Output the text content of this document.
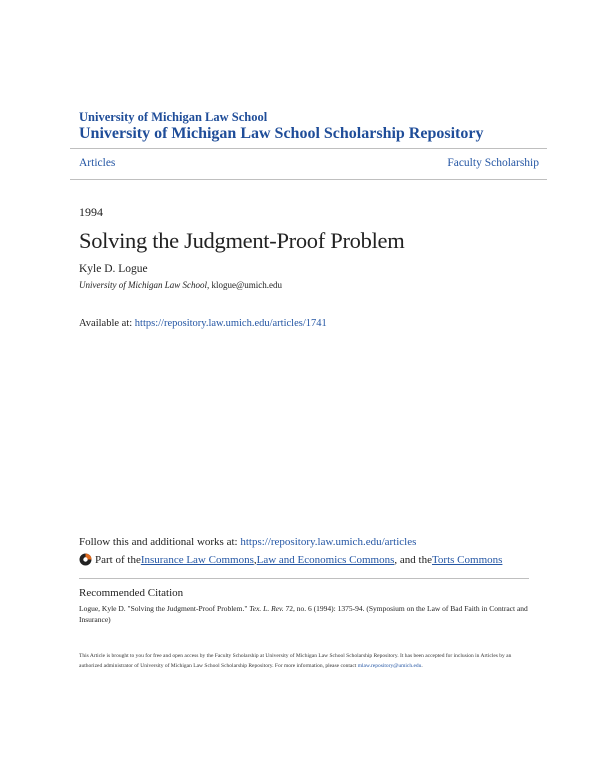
University of Michigan Law School
University of Michigan Law School Scholarship Repository
Articles	Faculty Scholarship
1994
Solving the Judgment-Proof Problem
Kyle D. Logue
University of Michigan Law School, klogue@umich.edu
Available at: https://repository.law.umich.edu/articles/1741
Follow this and additional works at: https://repository.law.umich.edu/articles
Part of the Insurance Law Commons , Law and Economics Commons , and the Torts Commons
Recommended Citation
Logue, Kyle D. "Solving the Judgment-Proof Problem." Tex. L. Rev. 72, no. 6 (1994): 1375-94. (Symposium on the Law of Bad Faith in Contract and Insurance)
This Article is brought to you for free and open access by the Faculty Scholarship at University of Michigan Law School Scholarship Repository. It has been accepted for inclusion in Articles by an authorized administrator of University of Michigan Law School Scholarship Repository. For more information, please contact mlaw.repository@umich.edu.
